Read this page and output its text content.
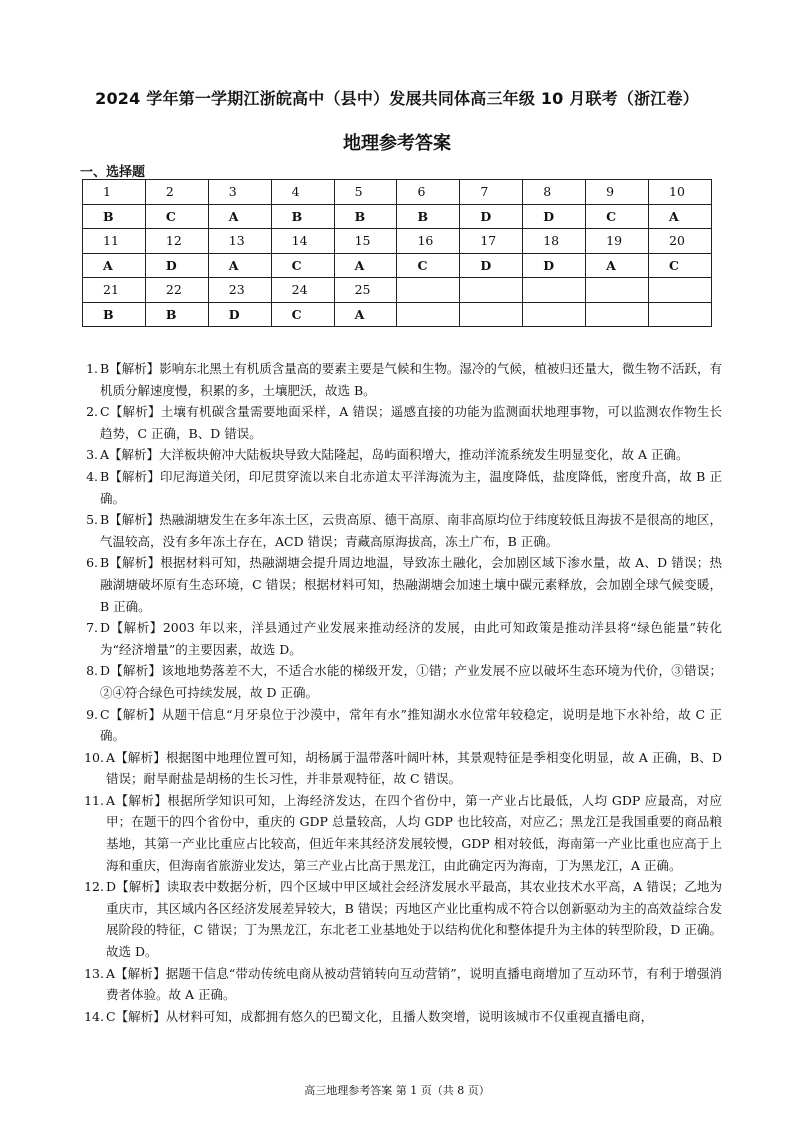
2024 学年第一学期江浙皖高中（县中）发展共同体高三年级 10 月联考（浙江卷）
地理参考答案
一、选择题
1	2	3	4	5	6	7	8	9	10
B	C	A	B	B	B	D	D	C	A
11	12	13	14	15	16	17	18	19	20
A	D	A	C	A	C	D	D	A	C
21	22	23	24	25					
B	B	D	C	A					
1. B【解析】影响东北黑土有机质含量高的要素主要是气候和生物。湿冷的气候，植被归还量大，微生物不活跃，有机质分解速度慢，积累的多，土壤肥沃，故选 B。
2. C【解析】土壤有机碳含量需要地面采样，A 错误；遥感直接的功能为监测面状地理事物，可以监测农作物生长趋势，C 正确，B、D 错误。
3. A【解析】大洋板块俯冲大陆板块导致大陆隆起，岛屿面积增大，推动洋流系统发生明显变化，故 A 正确。
4. B【解析】印尼海道关闭，印尼贯穿流以来自北赤道太平洋海流为主，温度降低，盐度降低，密度升高，故 B 正确。
5. B【解析】热融湖塘发生在多年冻土区，云贵高原、德干高原、南非高原均位于纬度较低且海拔不是很高的地区，气温较高，没有多年冻土存在，ACD 错误；青藏高原海拔高，冻土广布，B 正确。
6. B【解析】根据材料可知，热融湖塘会提升周边地温，导致冻土融化，会加剧区域下渗水量，故 A、D 错误；热融湖塘破坏原有生态环境，C 错误；根据材料可知，热融湖塘会加速土壤中碳元素释放，会加剧全球气候变暖，B 正确。
7. D【解析】2003 年以来，洋县通过产业发展来推动经济的发展，由此可知政策是推动洋县将“绿色能量”转化为“经济增量”的主要因素，故选 D。
8. D【解析】该地地势落差不大，不适合水能的梯级开发，①错；产业发展不应以破坏生态环境为代价，③错误；②④符合绿色可持续发展，故 D 正确。
9. C【解析】从题干信息“月牙泉位于沙漠中，常年有水”推知湖水水位常年较稳定，说明是地下水补给，故 C 正确。
10. A【解析】根据图中地理位置可知，胡杨属于温带落叶阔叶林，其景观特征是季相变化明显，故 A 正确，B、D 错误；耐旱耐盐是胡杨的生长习性，并非景观特征，故 C 错误。
11. A【解析】根据所学知识可知，上海经济发达，在四个省份中，第一产业占比最低，人均 GDP 应最高，对应甲；在题干的四个省份中，重庆的 GDP 总量较高，人均 GDP 也比较高，对应乙；黑龙江是我国重要的商品粮基地，其第一产业比重应占比较高，但近年来其经济发展较慢，GDP 相对较低，海南第一产业比重也应高于上海和重庆，但海南省旅游业发达，第三产业占比高于黑龙江，由此确定丙为海南，丁为黑龙江，A 正确。
12. D【解析】读取表中数据分析，四个区域中甲区域社会经济发展水平最高，其农业技术水平高，A 错误；乙地为重庆市，其区域内各区经济发展差异较大，B 错误；丙地区产业比重构成不符合以创新驱动为主的高效益综合发展阶段的特征，C 错误；丁为黑龙江，东北老工业基地处于以结构优化和整体提升为主体的转型阶段，D 正确。故选 D。
13. A【解析】据题干信息“带动传统电商从被动营销转向互动营销”，说明直播电商增加了互动环节，有利于增强消费者体验。故 A 正确。
14. C【解析】从材料可知，成都拥有悠久的巴蜀文化，且播人数突增，说明该城市不仅重视直播电商，
高三地理参考答案 第 1 页（共 8 页）
